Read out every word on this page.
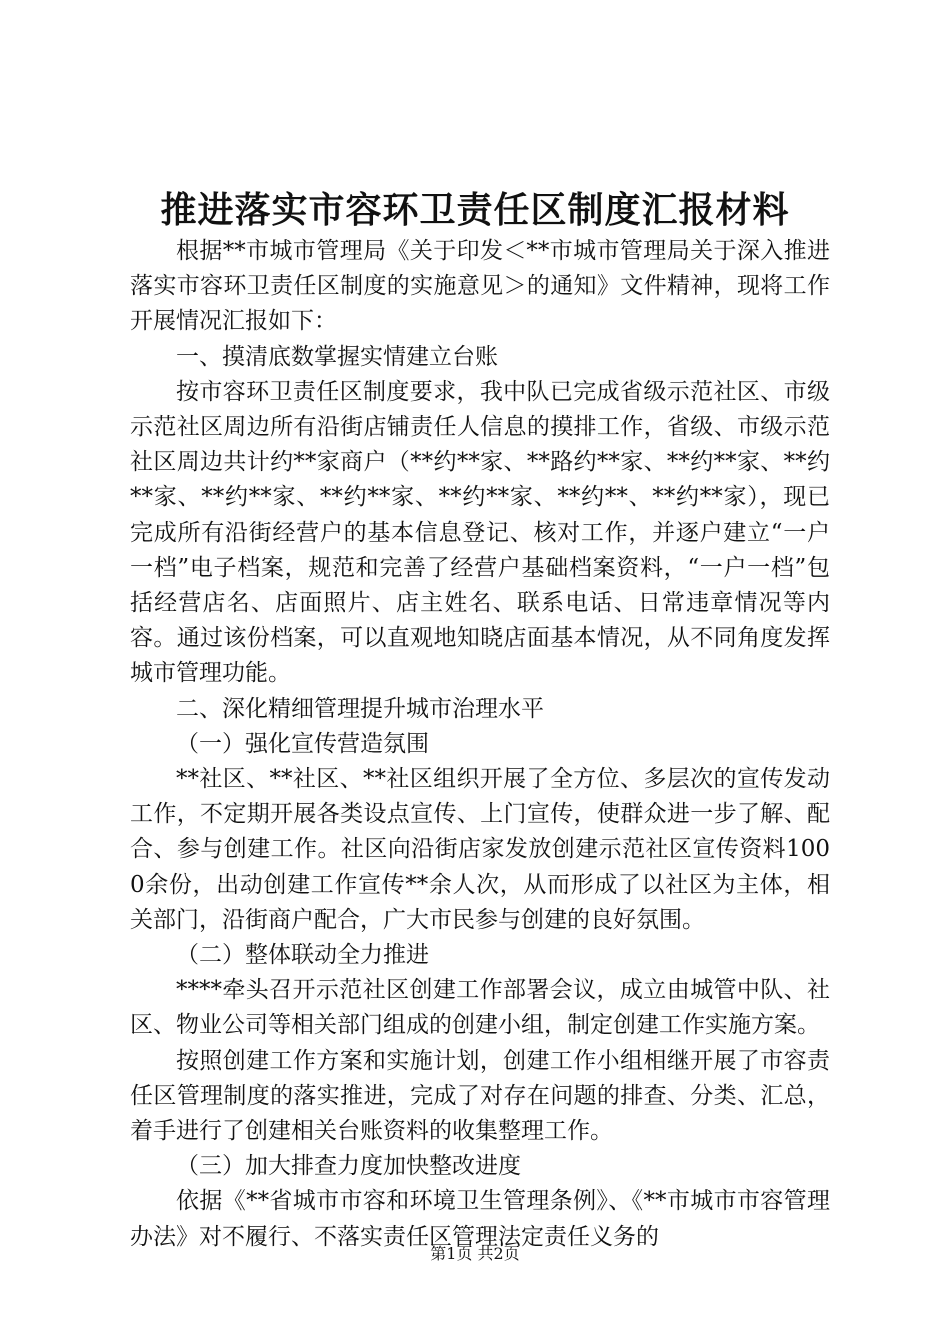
推进落实市容环卫责任区制度汇报材料

根据**市城市管理局《关于印发＜**市城市管理局关于深入推进落实市容环卫责任区制度的实施意见＞的通知》文件精神，现将工作开展情况汇报如下：

一、摸清底数掌握实情建立台账

按市容环卫责任区制度要求，我中队已完成省级示范社区、市级示范社区周边所有沿街店铺责任人信息的摸排工作，省级、市级示范社区周边共计约**家商户（**约**家、**路约**家、**约**家、**约**家、**约**家、**约**家、**约**家、**约**、**约**家），现已完成所有沿街经营户的基本信息登记、核对工作，并逐户建立“一户一档”电子档案，规范和完善了经营户基础档案资料，“一户一档”包括经营店名、店面照片、店主姓名、联系电话、日常违章情况等内容。通过该份档案，可以直观地知晓店面基本情况，从不同角度发挥城市管理功能。

二、深化精细管理提升城市治理水平

（一）强化宣传营造氛围

**社区、**社区、**社区组织开展了全方位、多层次的宣传发动工作，不定期开展各类设点宣传、上门宣传，使群众进一步了解、配合、参与创建工作。社区向沿街店家发放创建示范社区宣传资料1000余份，出动创建工作宣传**余人次，从而形成了以社区为主体，相关部门，沿街商户配合，广大市民参与创建的良好氛围。

（二）整体联动全力推进

****牵头召开示范社区创建工作部署会议，成立由城管中队、社区、物业公司等相关部门组成的创建小组，制定创建工作实施方案。

按照创建工作方案和实施计划，创建工作小组相继开展了市容责任区管理制度的落实推进，完成了对存在问题的排查、分类、汇总，着手进行了创建相关台账资料的收集整理工作。

（三）加大排查力度加快整改进度

依据《**省城市市容和环境卫生管理条例》、《**市城市市容管理办法》对不履行、不落实责任区管理法定责任义务的

第1页 共2页
